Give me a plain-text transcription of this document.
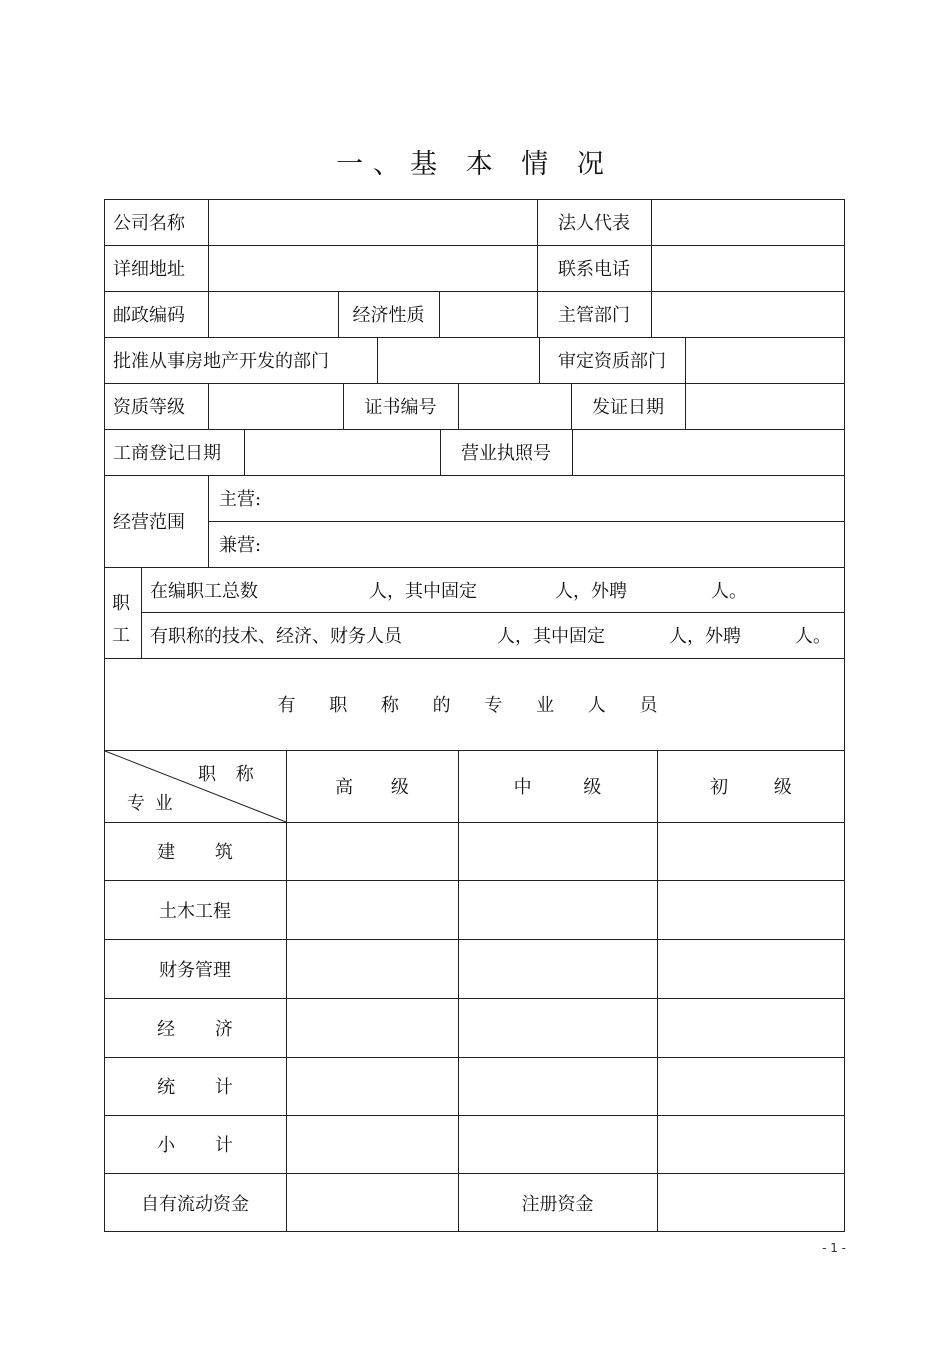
一、基 本 情 况
公司名称	法人代表
详细地址	联系电话
邮政编码	经济性质	主管部门
批准从事房地产开发的部门	审定资质部门
资质等级	证书编号	发证日期
工商登记日期	营业执照号
经营范围
主营:
兼营:
职
工
在编职工总数	人，其中固定	人，外聘	人。
有职称的技术、经济、财务人员	人，其中固定	人，外聘	人。
有 职 称 的 专 业 人 员
职 称
专 业
高 级	中 级	初 级
建 筑
土木工程
财务管理
经 济
统 计
小 计
自有流动资金	注册资金
- 1 -
